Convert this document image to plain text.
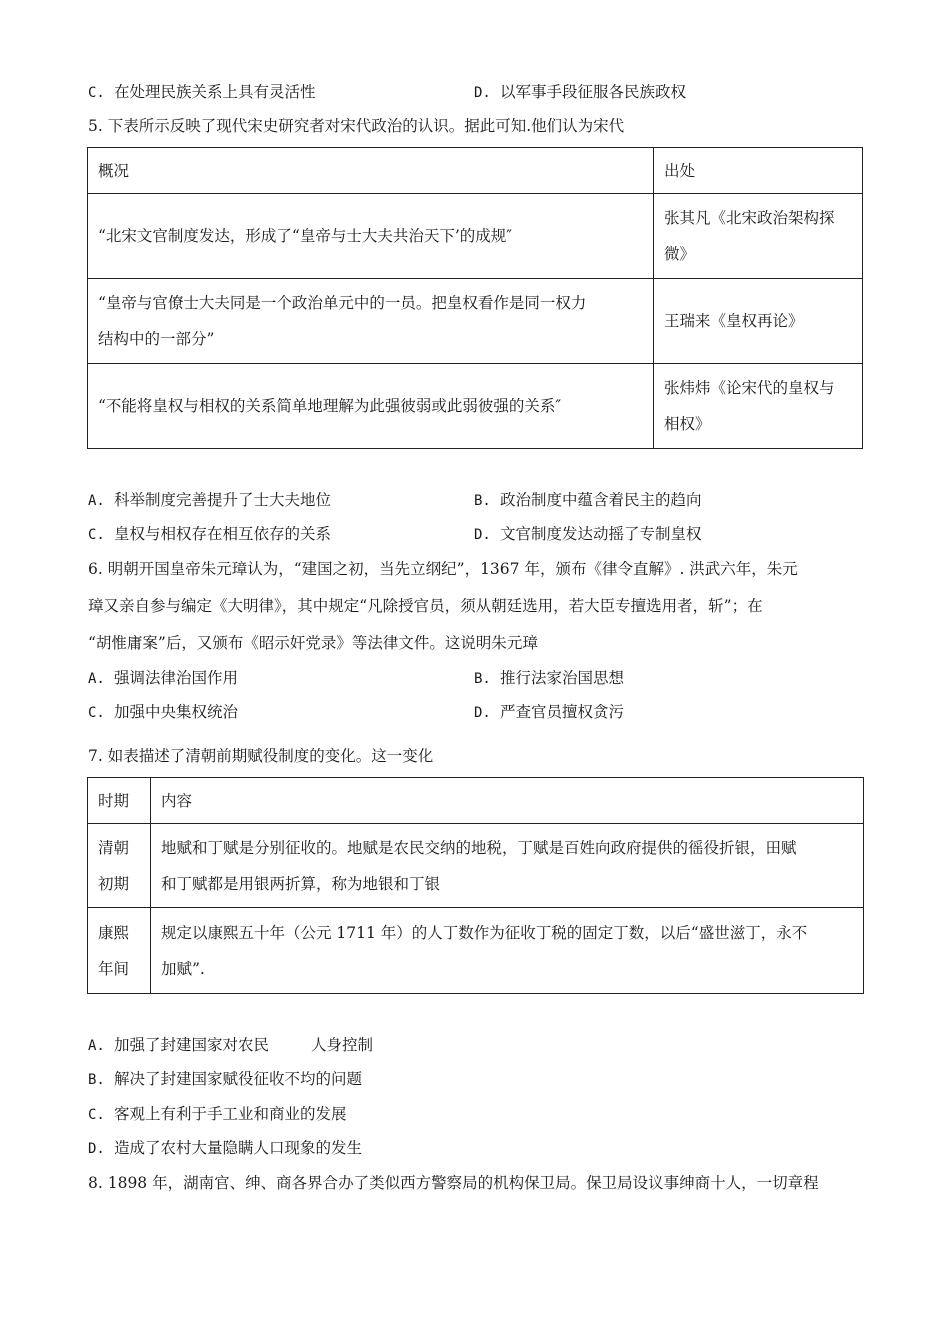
C. 在处理民族关系上具有灵活性	D. 以军事手段征服各民族政权
5. 下表所示反映了现代宋史研究者对宋代政治的认识。据此可知.他们认为宋代
概况	出处
“北宋文官制度发达，形成了“皇帝与士大夫共治天下’的成规″	张其凡《北宋政治架构探
微》
“皇帝与官僚士大夫同是一个政治单元中的一员。把皇权看作是同一权力
结构中的一部分”	王瑞来《皇权再论》
“不能将皇权与相权的关系简单地理解为此强彼弱或此弱彼强的关系″	张炜炜《论宋代的皇权与
相权》
A. 科举制度完善提升了士大夫地位	B. 政治制度中蕴含着民主的趋向
C. 皇权与相权存在相互依存的关系	D. 文官制度发达动摇了专制皇权
6. 明朝开国皇帝朱元璋认为，“建国之初，当先立纲纪”，1367 年，颁布《律令直解》. 洪武六年，朱元
璋又亲自参与编定《大明律》，其中规定“凡除授官员，须从朝廷选用，若大臣专擅选用者，斩”；在
“胡惟庸案”后，又颁布《昭示奸党录》等法律文件。这说明朱元璋
A. 强调法律治国作用	B. 推行法家治国思想
C. 加强中央集权统治	D. 严查官员擅权贪污
7. 如表描述了清朝前期赋役制度的变化。这一变化
时期	内容
清朝
初期	地赋和丁赋是分别征收的。地赋是农民交纳的地税，丁赋是百姓向政府提供的徭役折银，田赋
和丁赋都是用银两折算，称为地银和丁银
康熙
年间	规定以康熙五十年（公元 1711 年）的人丁数作为征收丁税的固定丁数，以后“盛世滋丁，永不
加赋”.
A. 加强了封建国家对农民	人身控制
B. 解决了封建国家赋役征收不均的问题
C. 客观上有利于手工业和商业的发展
D. 造成了农村大量隐瞒人口现象的发生
8. 1898 年，湖南官、绅、商各界合办了类似西方警察局的机构保卫局。保卫局设议事绅商十人，一切章程
